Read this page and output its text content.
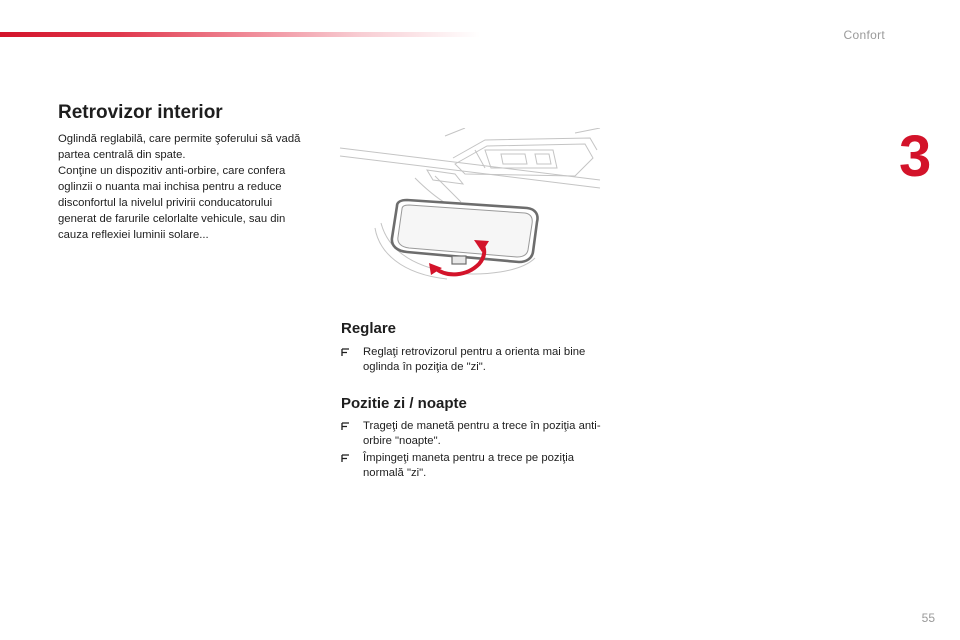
Confort
3
Retrovizor interior

Oglindă reglabilă, care permite şoferului să vadă partea centrală din spate.

Conţine un dispozitiv anti-orbire, care confera oglinzii o nuanta mai inchisa pentru a reduce disconfortul la nivelul privirii conducatorului generat de farurile celorlalte vehicule, sau din cauza reflexiei luminii solare...

Reglare
Reglaţi retrovizorul pentru a orienta mai bine oglinda în poziţia de "zi".
Pozitie zi / noapte
Trageţi de manetă pentru a trece în poziţia anti-orbire "noapte".
Împingeţi maneta pentru a trece pe poziţia normală "zi".
55
